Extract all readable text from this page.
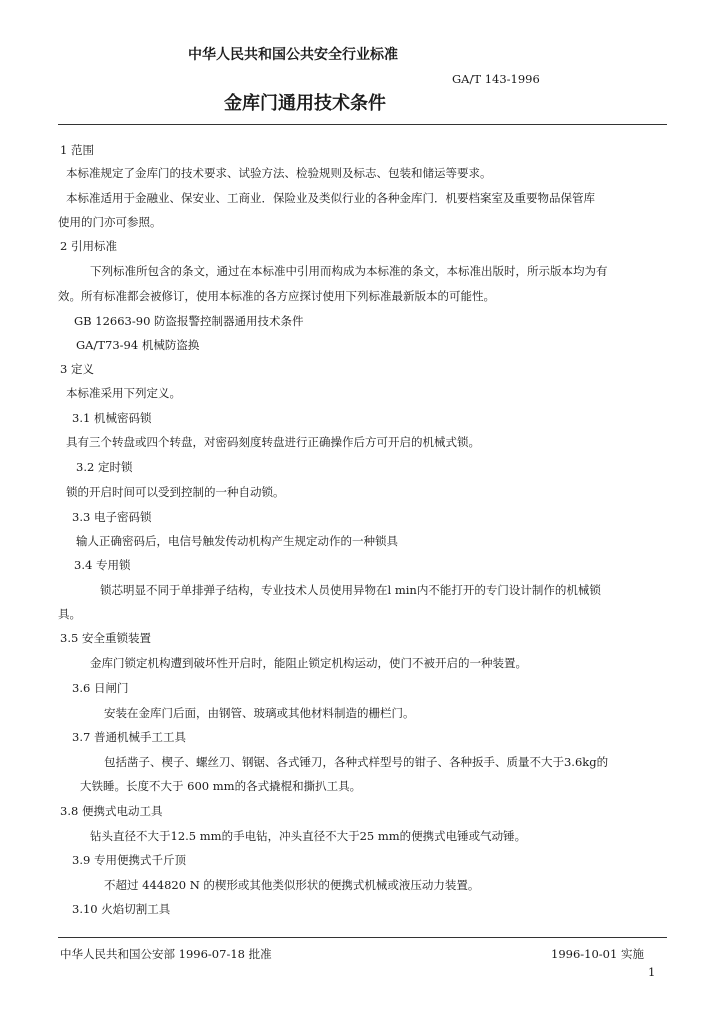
中华人民共和国公共安全行业标准
GA/T 143-1996
金库门通用技术条件
1 范围
本标准规定了金库门的技术要求、试验方法、检验规则及标志、包装和储运等要求。
本标准适用于金融业、保安业、工商业．保险业及类似行业的各种金库门．机要档案室及重要物品保管库
使用的门亦可参照。
2 引用标准
下列标准所包含的条文，通过在本标准中引用而构成为本标准的条文，本标准出版时，所示版本均为有
效。所有标准都会被修订，使用本标准的各方应探讨使用下列标准最新版本的可能性。
GB 12663-90 防盗报警控制器通用技术条件
GA/T73-94 机械防盗换
3 定义
本标准采用下列定义。
3.1 机械密码锁
具有三个转盘或四个转盘，对密码刻度转盘进行正确操作后方可开启的机械式锁。
3.2 定时锁
锁的开启时间可以受到控制的一种自动锁。
3.3 电子密码锁
输人正确密码后，电信号触发传动机构产生规定动作的一种锁具
3.4 专用锁
锁芯明显不同于单排弹子结构，专业技术人员使用异物在l min内不能打开的专门设计制作的机械锁
具。
3.5 安全重锁装置
金库门锁定机构遭到破坏性开启时，能阻止锁定机构运动，使门不被开启的一种装置。
3.6 日闸门
安装在金库门后面，由钢管、玻璃或其他材料制造的栅栏门。
3.7 普通机械手工工具
包括凿子、楔子、螺丝刀、钢锯、各式锤刀，各种式样型号的钳子、各种扳手、质量不大于3.6kg的
大铁睡。长度不大于 600 mm的各式撬棍和撕扒工具。
3.8 便携式电动工具
钻头直径不大于12.5 mm的手电钻，冲头直径不大于25 mm的便携式电锤或气动锤。
3.9 专用便携式千斤顶
不超过 444820 N 的楔形或其他类似形状的便携式机械或液压动力装置。
3.10 火焰切割工具
中华人民共和国公安部 1996-07-18 批准	1996-10-01 实施
1
